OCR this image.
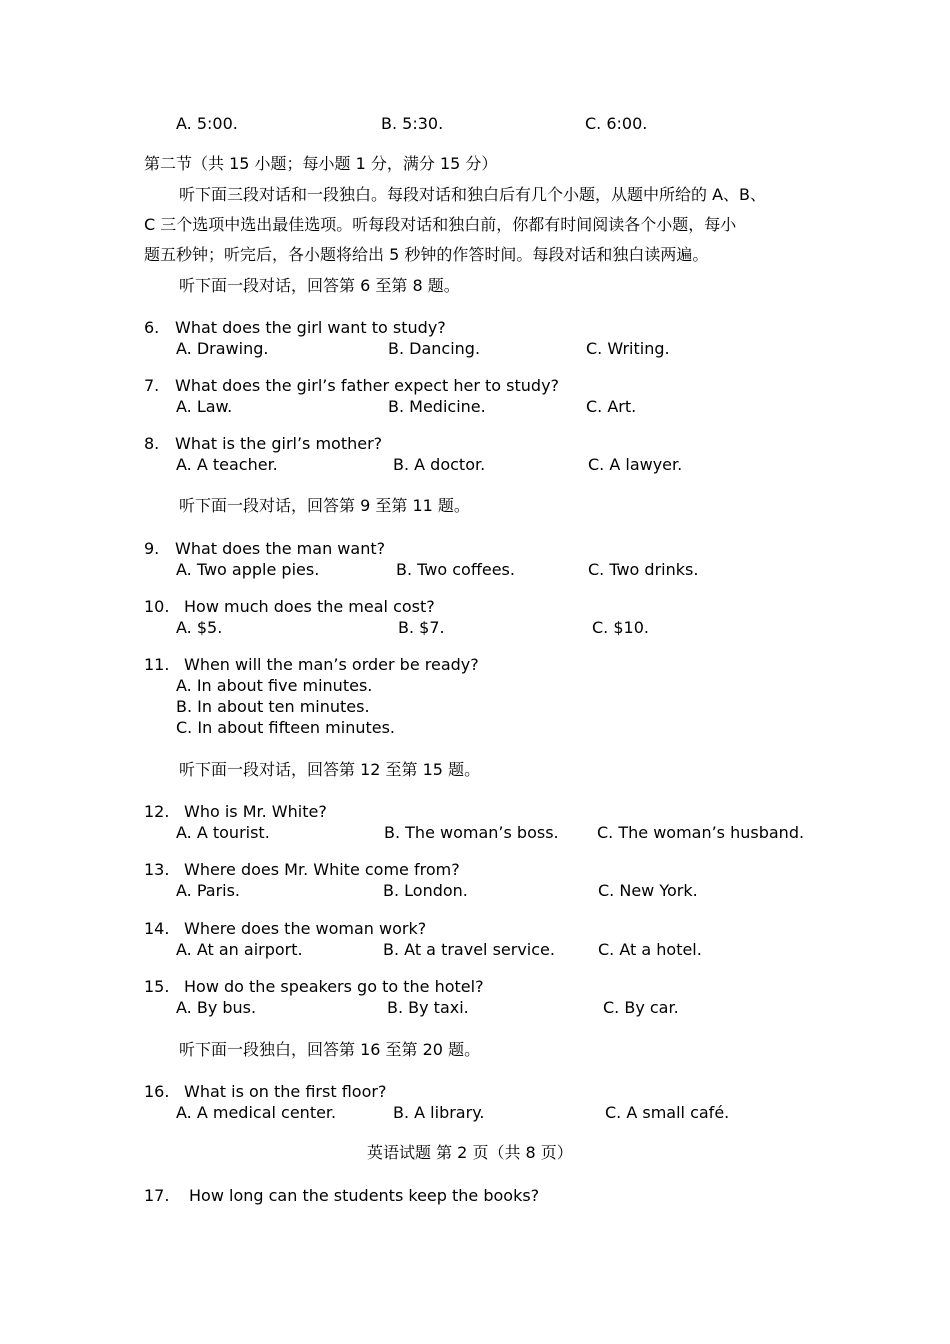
A. 5:00.	B. 5:30.	C. 6:00.
第二节（共 15 小题；每小题 1 分，满分 15 分）
听下面三段对话和一段独白。每段对话和独白后有几个小题，从题中所给的 A、B、
C 三个选项中选出最佳选项。听每段对话和独白前，你都有时间阅读各个小题，每小
题五秒钟；听完后，各小题将给出 5 秒钟的作答时间。每段对话和独白读两遍。
听下面一段对话，回答第 6 至第 8 题。
6. What does the girl want to study?
A. Drawing.	B. Dancing.	C. Writing.
7. What does the girl’s father expect her to study?
A. Law.	B. Medicine.	C. Art.
8. What is the girl’s mother?
A. A teacher.	B. A doctor.	C. A lawyer.
听下面一段对话，回答第 9 至第 11 题。
9. What does the man want?
A. Two apple pies.	B. Two coffees.	C. Two drinks.
10. How much does the meal cost?
A. $5.	B. $7.	C. $10.
11. When will the man’s order be ready?
A. In about five minutes.
B. In about ten minutes.
C. In about fifteen minutes.
听下面一段对话，回答第 12 至第 15 题。
12. Who is Mr. White?
A. A tourist.	B. The woman’s boss. C. The woman’s husband.
13. Where does Mr. White come from?
A. Paris.	B. London.	C. New York.
14. Where does the woman work?
A. At an airport.	B. At a travel service.	C. At a hotel.
15. How do the speakers go to the hotel?
A. By bus.	B. By taxi.	C. By car.
听下面一段独白，回答第 16 至第 20 题。
16. What is on the first floor?
A. A medical center.	B. A library.	C. A small café.
英语试题 第 2 页（共 8 页）
17. How long can the students keep the books?
